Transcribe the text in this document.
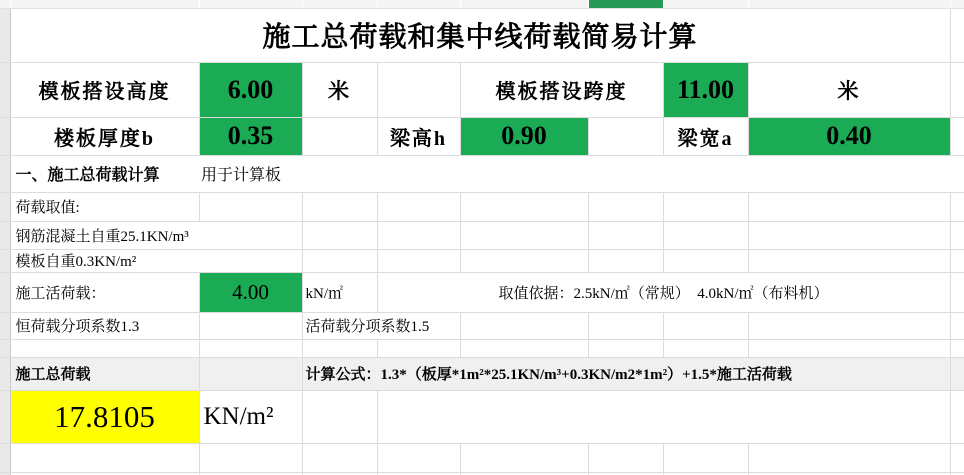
	施工总荷载和集中线荷载简易计算								
	模板搭设高度	6.00	米		模板搭设跨度		11.00	米	
	楼板厚度b	0.35		梁高h	0.90		梁宽a	0.40	
	一、施工总荷载计算	用于计算板							
	荷载取值:								
	钢筋混凝土自重25.1KN/m³								
	模板自重0.3KN/m²								
	施工活荷载：	4.00	kN/㎡	取值依据：2.5kN/㎡（常规）　4.0kN/㎡（布料机）					
	恒荷载分项系数1.3		活荷载分项系数1.5						

	施工总荷载		计算公式：1.3*（板厚*1m²*25.1KN/m³+0.3KN/m2*1m²）+1.5*施工活荷载						
	17.8105	KN/m²							
